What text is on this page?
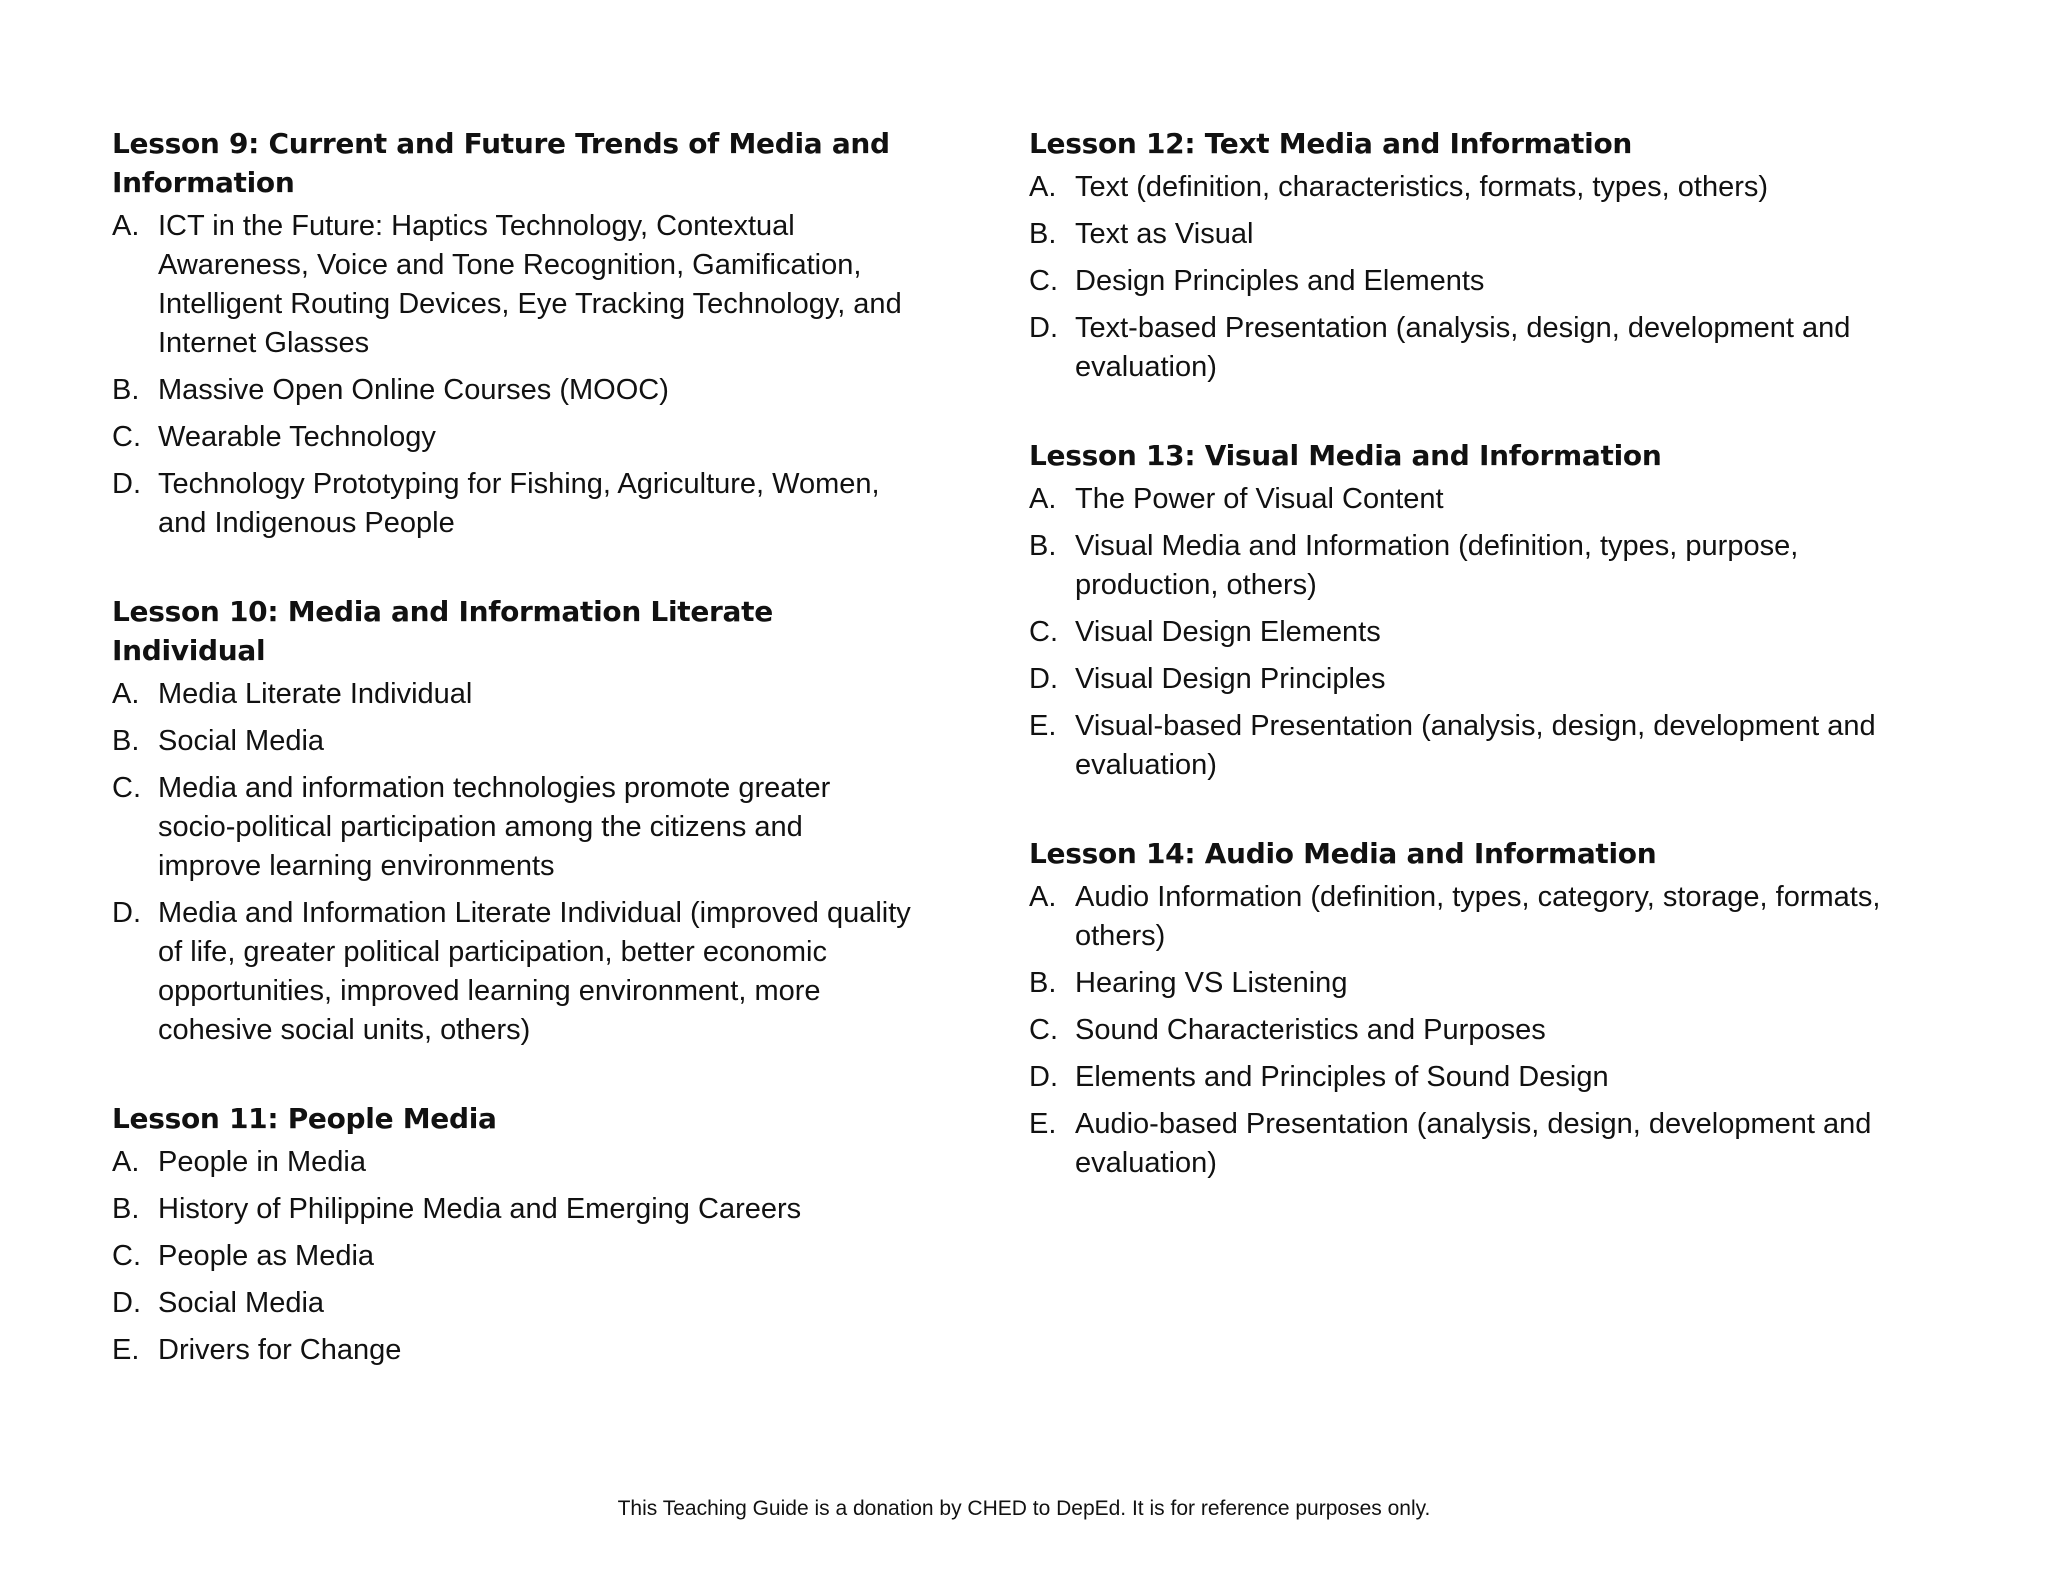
Lesson 9: Current and Future Trends of Media and Information
A. ICT in the Future: Haptics Technology, Contextual Awareness, Voice and Tone Recognition, Gamification, Intelligent Routing Devices, Eye Tracking Technology, and Internet Glasses
B. Massive Open Online Courses (MOOC)
C. Wearable Technology
D. Technology Prototyping for Fishing, Agriculture, Women, and Indigenous People
Lesson 10: Media and Information Literate Individual
A. Media Literate Individual
B. Social Media
C. Media and information technologies promote greater socio-political participation among the citizens and improve learning environments
D. Media and Information Literate Individual (improved quality of life, greater political participation, better economic opportunities, improved learning environment, more cohesive social units, others)
Lesson 11: People Media
A. People in Media
B. History of Philippine Media and Emerging Careers
C. People as Media
D. Social Media
E. Drivers for Change
Lesson 12: Text Media and Information
A. Text (definition, characteristics, formats, types, others)
B. Text as Visual
C. Design Principles and Elements
D. Text-based Presentation (analysis, design, development and evaluation)
Lesson 13: Visual Media and Information
A. The Power of Visual Content
B. Visual Media and Information (definition, types, purpose, production, others)
C. Visual Design Elements
D. Visual Design Principles
E. Visual-based Presentation (analysis, design, development and evaluation)
Lesson 14: Audio Media and Information
A. Audio Information (definition, types, category, storage, formats, others)
B. Hearing VS Listening
C. Sound Characteristics and Purposes
D. Elements and Principles of Sound Design
E. Audio-based Presentation (analysis, design, development and evaluation)
This Teaching Guide is a donation by CHED to DepEd. It is for reference purposes only.
